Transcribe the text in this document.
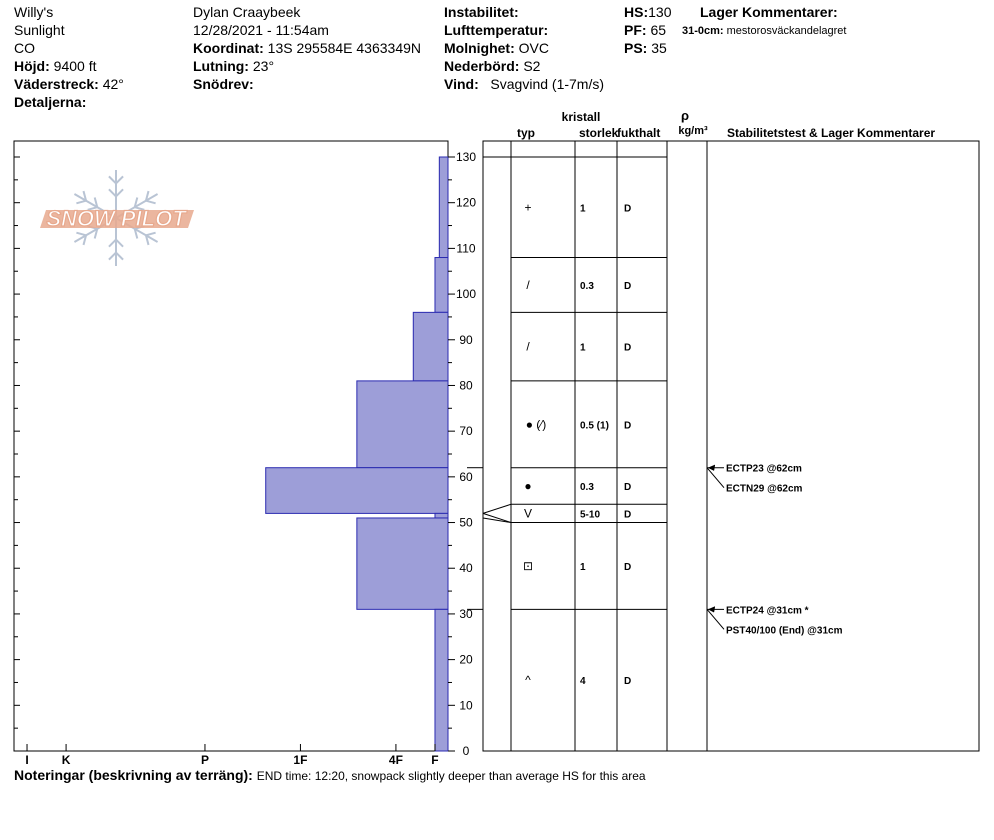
Willy's
Sunlight
CO
Höjd: 9400 ft
Väderstreck: 42°
Detaljerna:
Dylan Craaybeek
12/28/2021 - 11:54am
Koordinat: 13S 295584E 4363349N
Lutning: 23°
Snödrev:
Instabilitet:
Lufttemperatur:
Molnighet: OVC
Nederbörd: S2
Vind: Svagvind (1-7m/s)
HS:130
PF: 65
PS: 35
Lager Kommentarer:
31-0cm: mestorosväckandelagret
SNOW PILOT
0
10
20
30
40
50
60
70
80
90
100
110
120
130
I	K	P	1F	4F F
+	1	D
/	0.3	D
/	1	D
● (⁄)	0.5 (1) D
●	0.3	D
V	5-10 D
⊡	1	D
^	4	D
ECTP23 @62cm
ECTN29 @62cm
ECTP24 @31cm *
PST40/100 (End) @31cm
kristall
typ	storlek
fukthalt
ρ
kg/m³ Stabilitetstest & Lager Kommentarer
Noteringar (beskrivning av terräng): END time: 12:20, snowpack slightly deeper than average HS for this area
